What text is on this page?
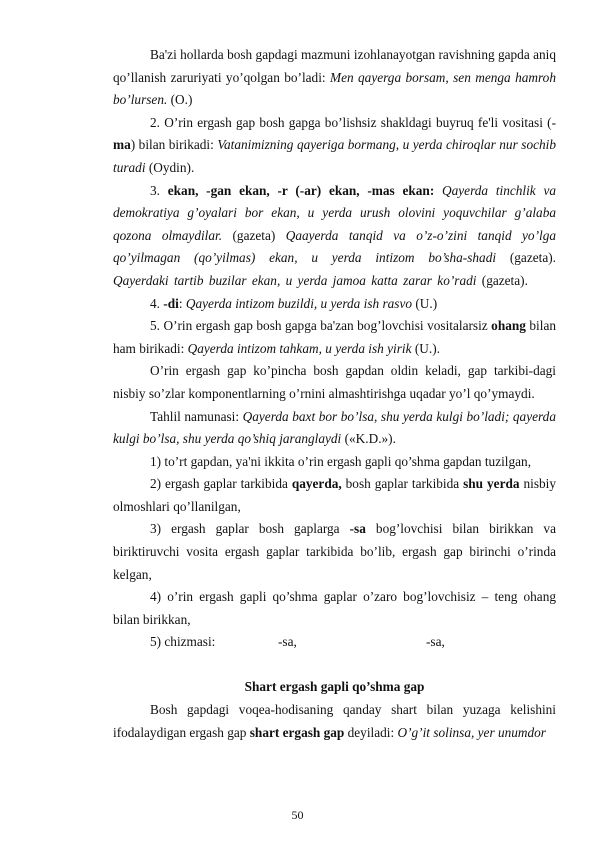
Ba'zi hollarda bosh gapdagi mazmuni izohlanayotgan ravishning gapda aniq qo’llanish zaruriyati yo’qolgan bo’ladi: Men qayerga borsam, sen menga hamroh bo’lursen. (O.)

2. O’rin ergash gap bosh gapga bo’lishsiz shakldagi buyruq fe'li vositasi (-ma) bilan birikadi: Vatanimizning qayeriga bormang, u yerda chiroqlar nur sochib turadi (Oydin).

3. ekan, -gan ekan, -r (-ar) ekan, -mas ekan: Qayerda tinchlik va demokratiya g’oyalari bor ekan, u yerda urush olovini yoquvchilar g’alaba qozona olmaydilar. (gazeta) Qaayerda tanqid va o’z-o’zini tanqid yo’lga qo’yilmagan (qo’yilmas) ekan, u yerda intizom bo’sha-shadi (gazeta). Qayerdaki tartib buzilar ekan, u yerda jamoa katta zarar ko’radi (gazeta).

4. -di: Qayerda intizom buzildi, u yerda ish rasvo (U.)

5. O’rin ergash gap bosh gapga ba'zan bog’lovchisi vositalarsiz ohang bilan ham birikadi: Qayerda intizom tahkam, u yerda ish yirik (U.).

O’rin ergash gap ko’pincha bosh gapdan oldin keladi, gap tarkibi-dagi nisbiy so’zlar komponentlarning o’rnini almashtirishga uqadar yo’l qo’ymaydi.

Tahlil namunasi: Qayerda baxt bor bo’lsa, shu yerda kulgi bo’ladi; qayerda kulgi bo’lsa, shu yerda qo’shiq jaranglaydi («K.D.»).

1) to’rt gapdan, ya'ni ikkita o’rin ergash gapli qo’shma gapdan tuzilgan,

2) ergash gaplar tarkibida qayerda, bosh gaplar tarkibida shu yerda nisbiy olmoshlari qo’llanilgan,

3) ergash gaplar bosh gaplarga -sa bog’lovchisi bilan birikkan va biriktiruvchi vosita ergash gaplar tarkibida bo’lib, ergash gap birinchi o’rinda kelgan,

4) o’rin ergash gapli qo’shma gaplar o’zaro bog’lovchisiz – teng ohang bilan birikkan,

5) chizmasi:	-sa,	-sa,

Shart ergash gapli qo’shma gap

Bosh gapdagi voqea-hodisaning qanday shart bilan yuzaga kelishini ifodalaydigan ergash gap shart ergash gap deyiladi: O’g’it solinsa, yer unumdor

50
